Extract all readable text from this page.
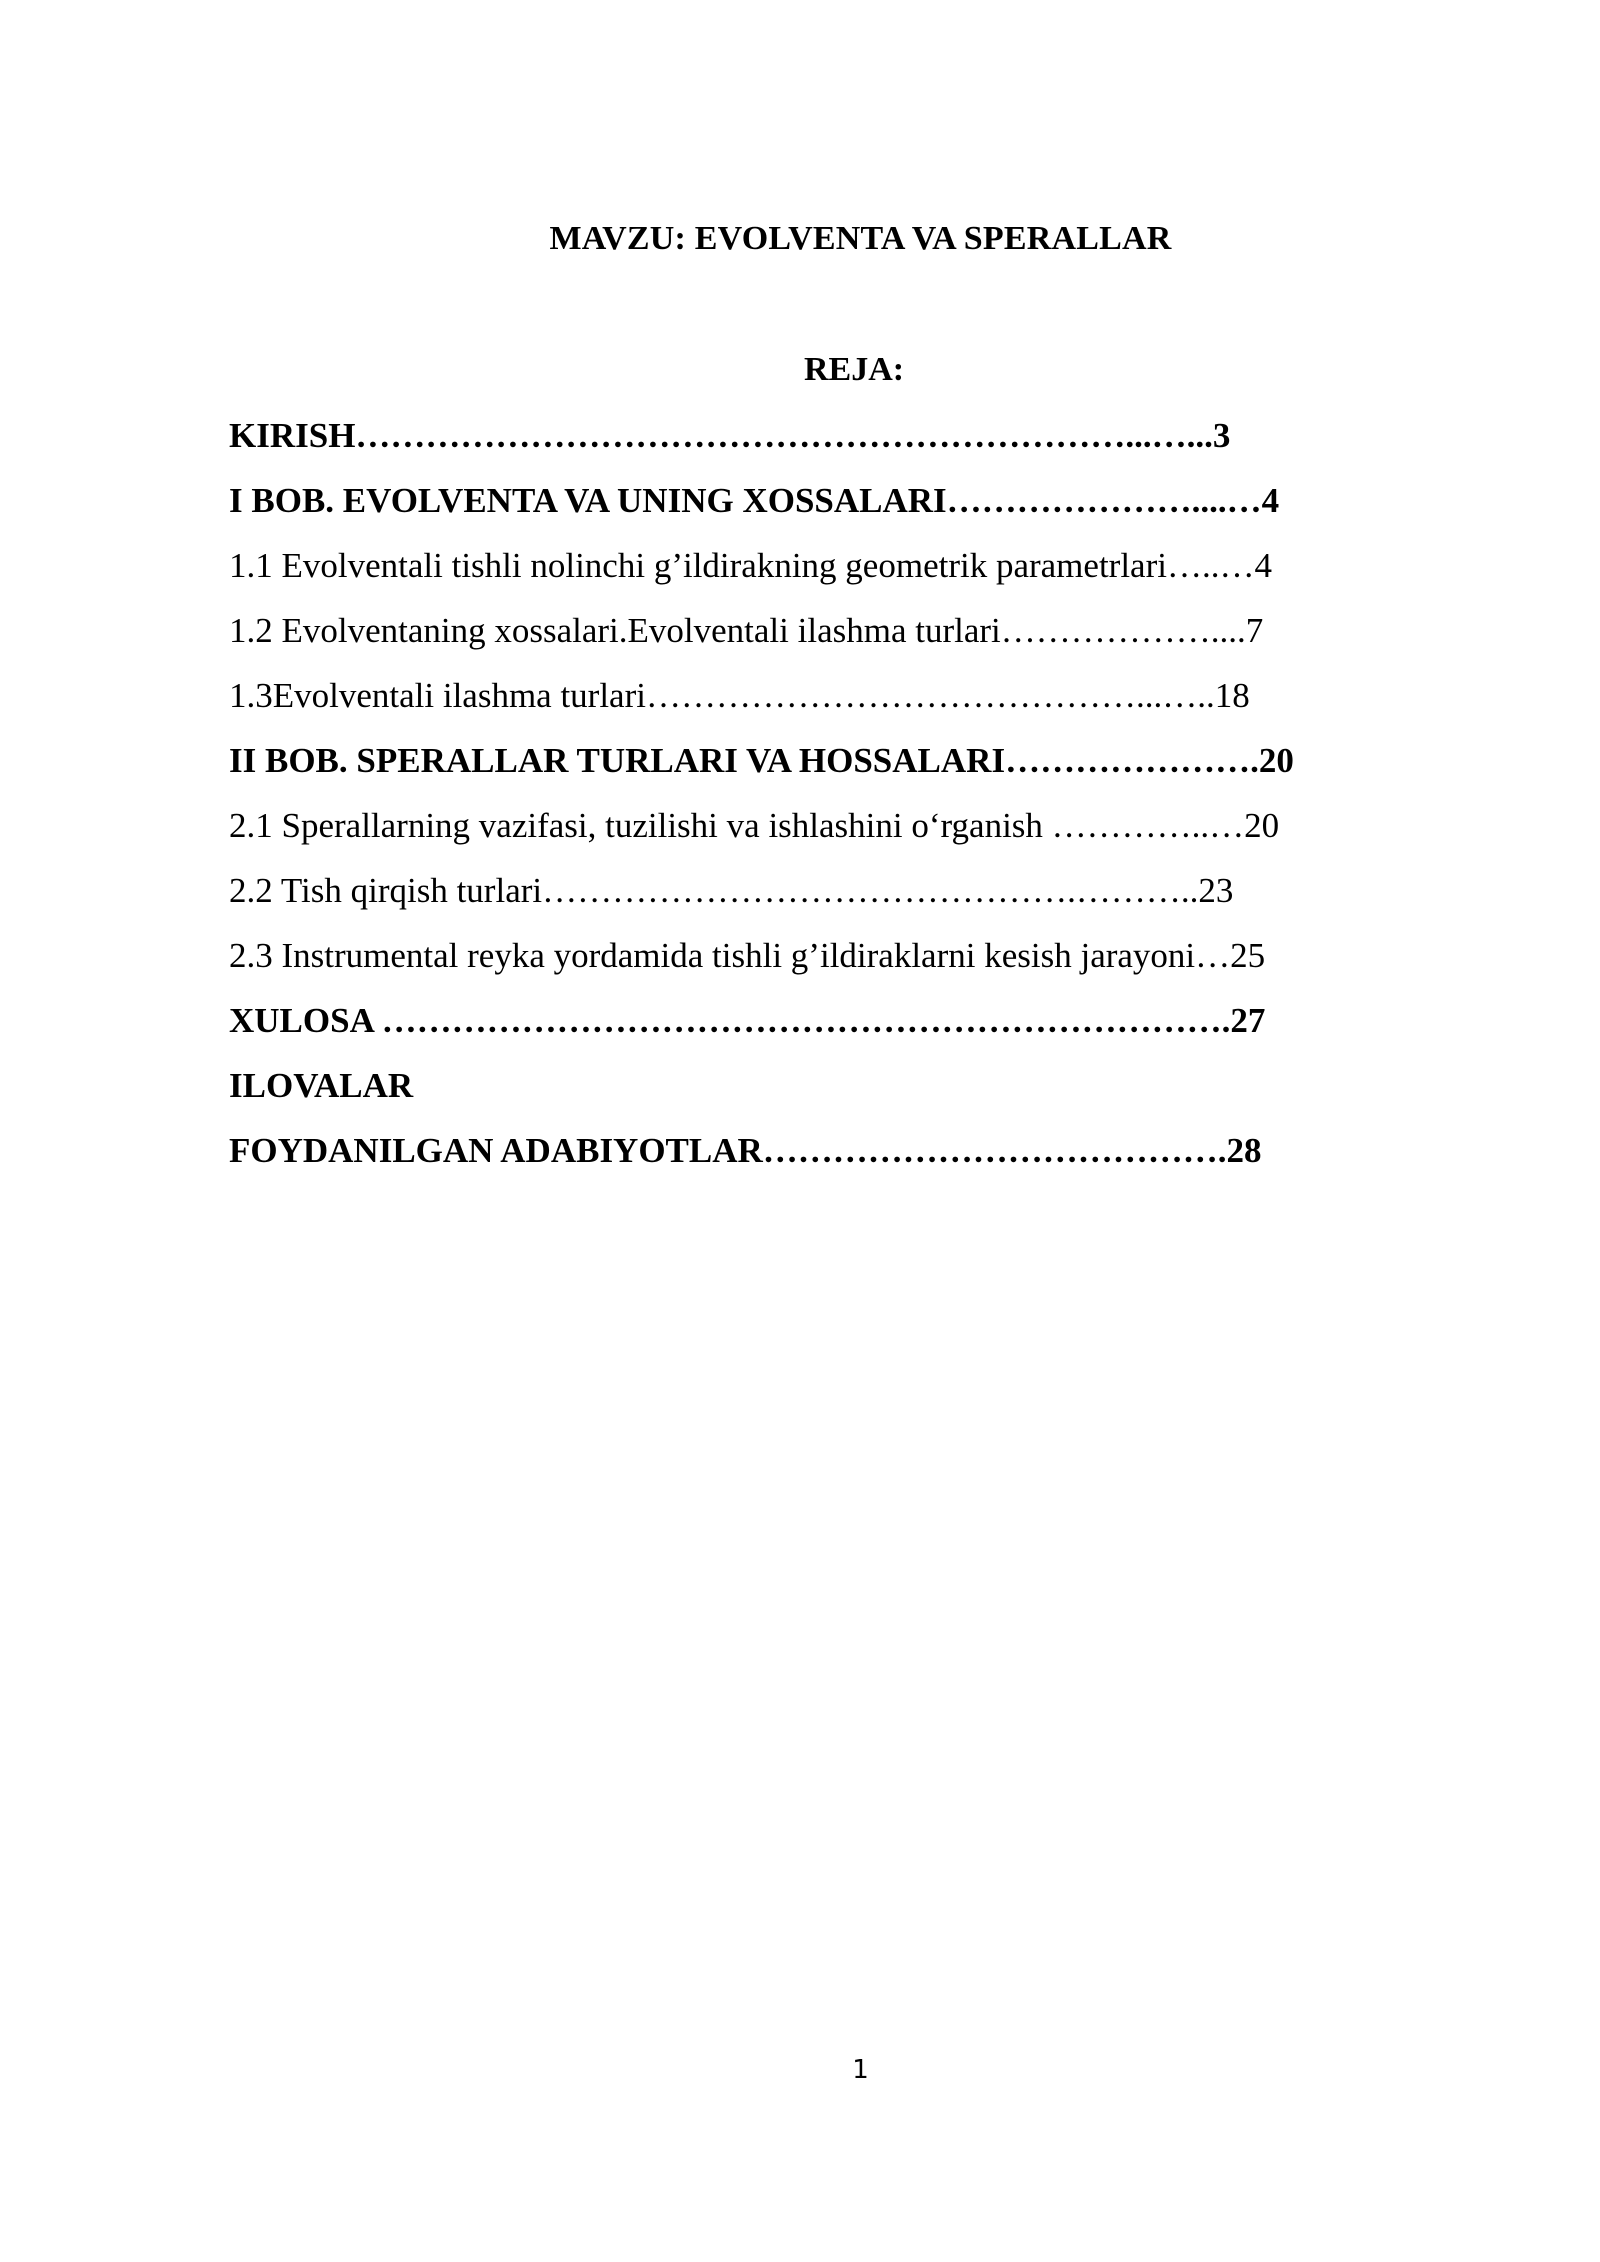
MAVZU: EVOLVENTA VA SPERALLAR
REJA:
KIRISH…………………………………………………………...…...3
I BOB. EVOLVENTA VA UNING XOSSALARI…………………....…4
1.1 Evolventali tishli nolinchi g’ildirakning geometrik parametrlari…..…4
1.2 Evolventaning xossalari.Evolventali ilashma turlari………………....7
1.3Evolventali ilashma turlari……………………………………...…..18
II BOB. SPERALLAR TURLARI VA HOSSALARI………………….20
2.1 Sperallarning vazifasi, tuzilishi va ishlashini o‘rganish …………..…20
2.2 Tish qirqish turlari……………………………………….………..23
2.3 Instrumental reyka yordamida tishli g’ildiraklarni kesish jarayoni…25
XULOSA ……………………………………………………………….27
ILOVALAR
FOYDANILGAN ADABIYOTLAR………………………………….28
1
